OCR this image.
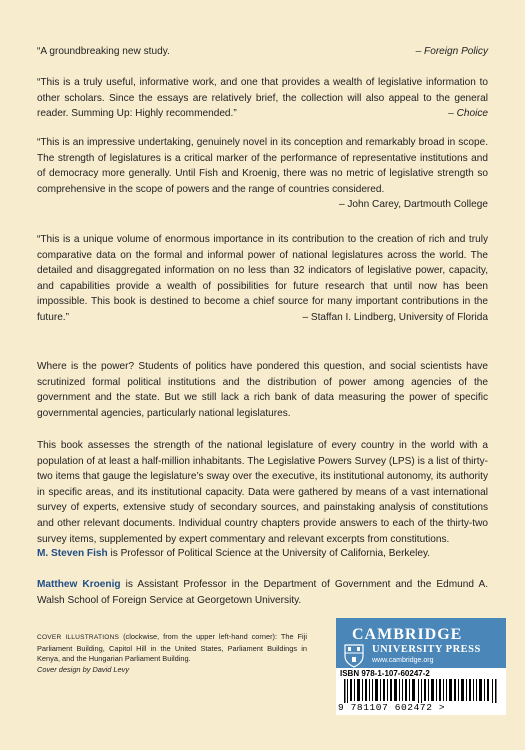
– Foreign Policy
“A groundbreaking new study.

“This is a truly useful, informative work, and one that provides a wealth of legislative information to other scholars. Since the essays are relatively brief, the collection will also appeal to the general reader. Summing Up: Highly recommended.”	– Choice

“This is an impressive undertaking, genuinely novel in its conception and remarkably broad in scope. The strength of legislatures is a critical marker of the performance of representative institutions and of democracy more generally. Until Fish and Kroenig, there was no metric of legislative strength so comprehensive in the scope of powers and the range of countries considered.
– John Carey, Dartmouth College

“This is a unique volume of enormous importance in its contribution to the creation of rich and truly comparative data on the formal and informal power of national legislatures across the world. The detailed and disaggregated information on no less than 32 indicators of legislative power, capacity, and capabilities provide a wealth of possibilities for future research that until now has been impossible. This book is destined to become a chief source for many important contributions in the future.”	– Staffan I. Lindberg, University of Florida

Where is the power? Students of politics have pondered this question, and social scientists have scrutinized formal political institutions and the distribution of power among agencies of the government and the state. But we still lack a rich bank of data measuring the power of specific governmental agencies, particularly national legislatures.

This book assesses the strength of the national legislature of every country in the world with a population of at least a half-million inhabitants. The Legislative Powers Survey (LPS) is a list of thirty-two items that gauge the legislature’s sway over the executive, its institutional autonomy, its authority in specific areas, and its institutional capacity. Data were gathered by means of a vast international survey of experts, extensive study of secondary sources, and painstaking analysis of constitutions and other relevant documents. Individual country chapters provide answers to each of the thirty-two survey items, supplemented by expert commentary and relevant excerpts from constitutions.

M. Steven Fish is Professor of Political Science at the University of California, Berkeley.

Matthew Kroenig is Assistant Professor in the Department of Government and the Edmund A. Walsh School of Foreign Service at Georgetown University.

COVER ILLUSTRATIONS (clockwise, from the upper left-hand corner): The Fiji Parliament Building, Capitol Hill in the United States, Parliament Buildings in Kenya, and the Hungarian Parliament Building.

Cover design by David Levy

CAMBRIDGE
UNIVERSITY PRESS
www.cambridge.org
ISBN 978-1-107-60247-2
9 781107 602472 >
